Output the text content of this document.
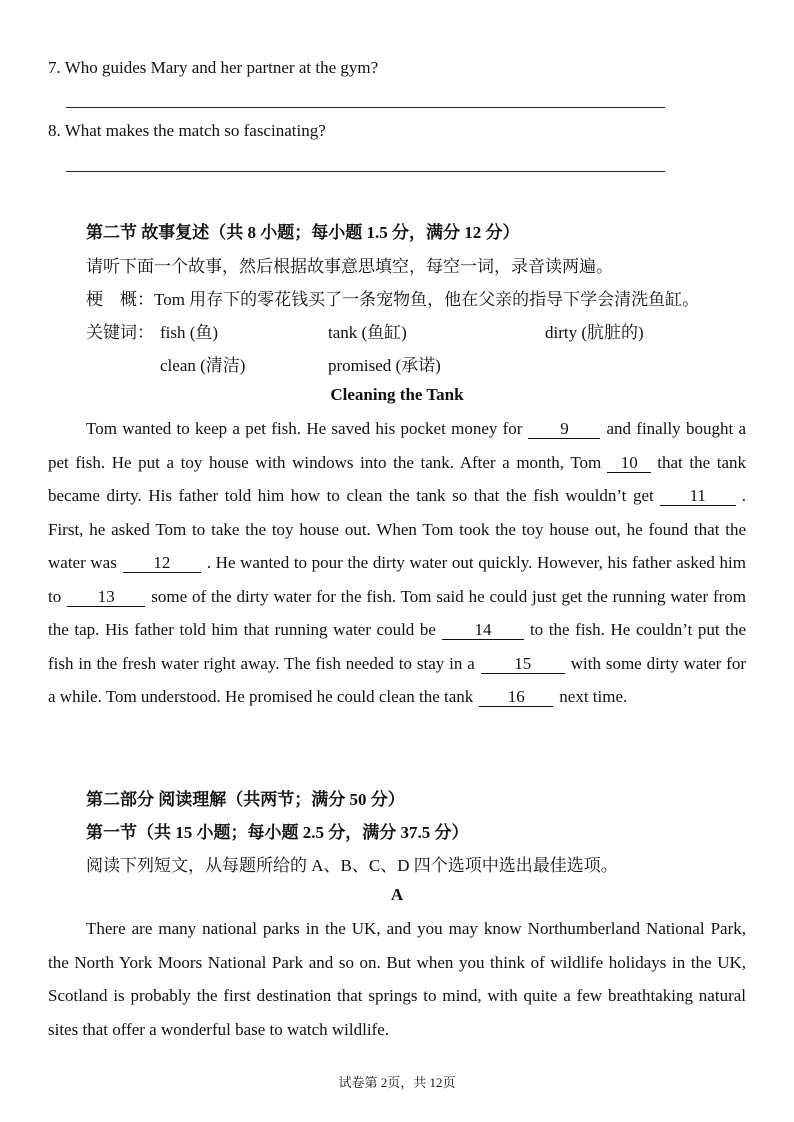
7. Who guides Mary and her partner at the gym?
8. What makes the match so fascinating?
第二节 故事复述（共 8 小题；每小题 1.5 分，满分 12 分）
请听下面一个故事，然后根据故事意思填空，每空一词，录音读两遍。
梗    概：Tom 用存下的零花钱买了一条宠物鱼，他在父亲的指导下学会清洗鱼缸。
关键词： fish (鱼)	tank (鱼缸)	dirty (肮脏的)
clean (清洁)	promised (承诺)
Cleaning the Tank
Tom wanted to keep a pet fish. He saved his pocket money for 9 and finally bought a pet fish. He put a toy house with windows into the tank. After a month, Tom 10 that the tank became dirty. His father told him how to clean the tank so that the fish wouldn’t get 11 . First, he asked Tom to take the toy house out. When Tom took the toy house out, he found that the water was 12 . He wanted to pour the dirty water out quickly. However, his father asked him to 13 some of the dirty water for the fish. Tom said he could just get the running water from the tap. His father told him that running water could be 14 to the fish. He couldn’t put the fish in the fresh water right away. The fish needed to stay in a 15 with some dirty water for a while. Tom understood. He promised he could clean the tank 16 next time.
第二部分 阅读理解（共两节；满分 50 分）
第一节（共 15 小题；每小题 2.5 分，满分 37.5 分）
阅读下列短文，从每题所给的 A、B、C、D 四个选项中选出最佳选项。
A
There are many national parks in the UK, and you may know Northumberland National Park, the North York Moors National Park and so on. But when you think of wildlife holidays in the UK, Scotland is probably the first destination that springs to mind, with quite a few breathtaking natural sites that offer a wonderful base to watch wildlife.
试卷第 2页，共 12页
